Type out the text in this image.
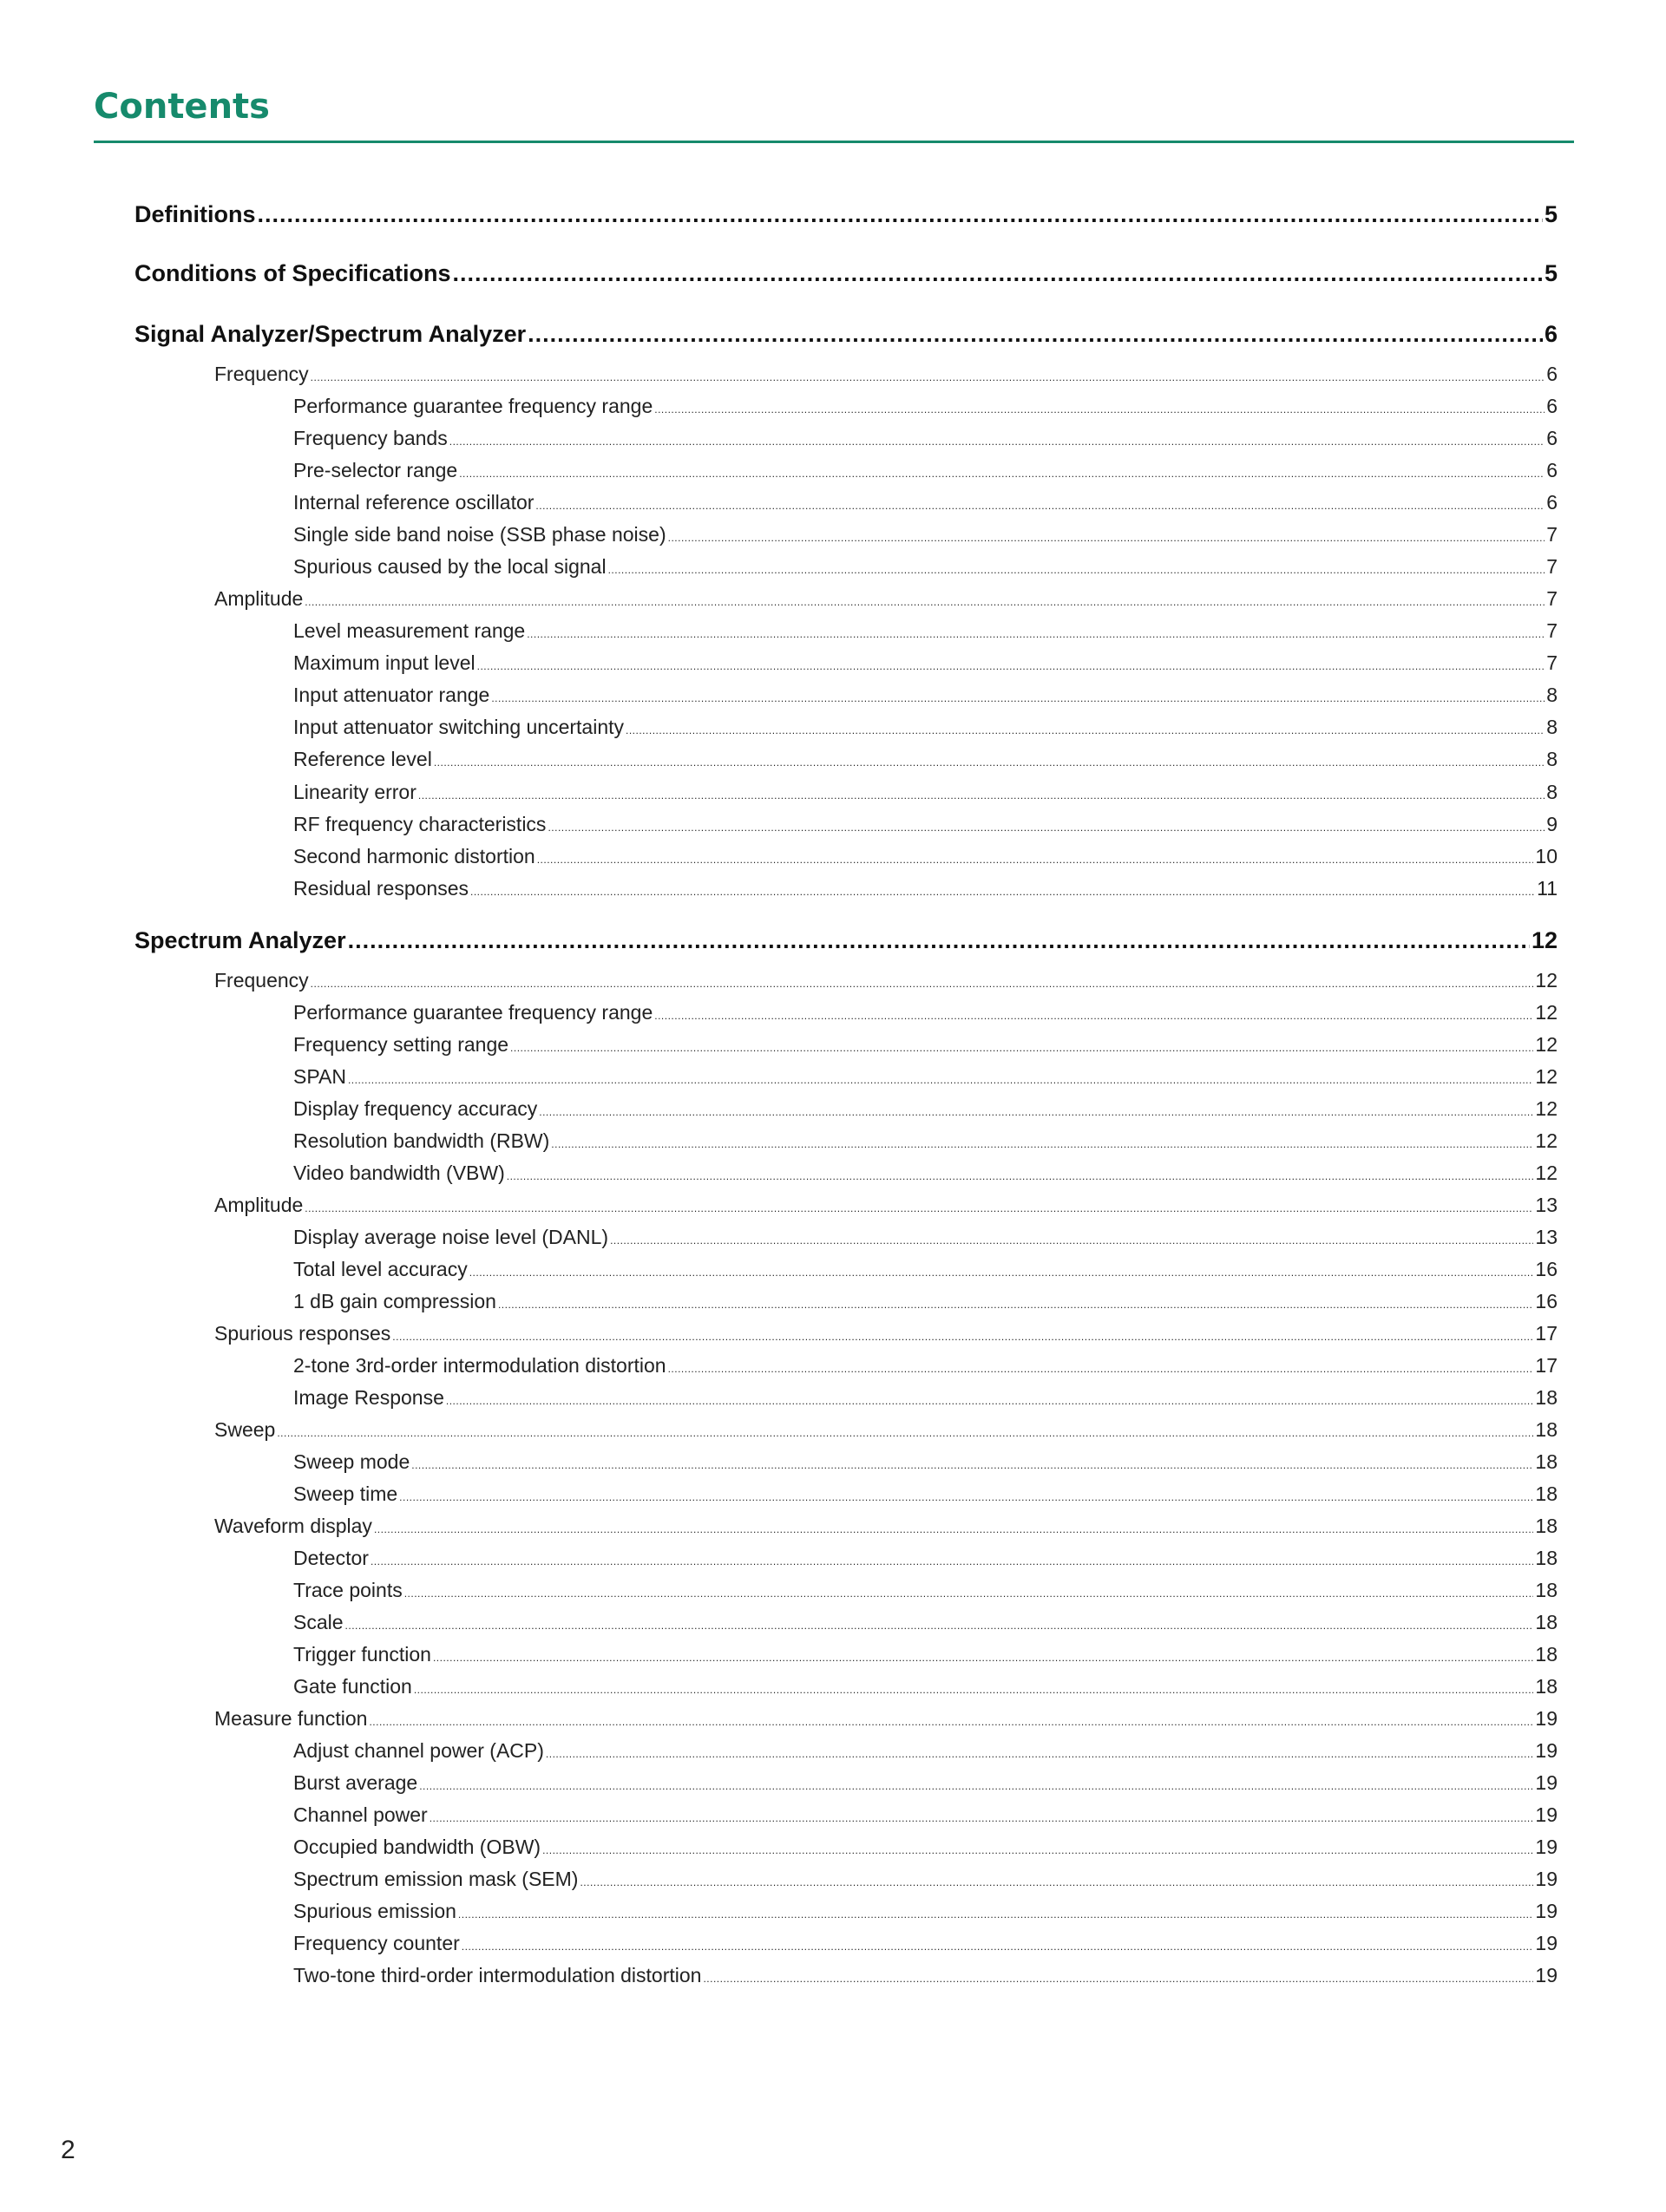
Contents
Definitions .....	5
Conditions of Specifications .....	5
Signal Analyzer/Spectrum Analyzer .....	6
Frequency .....	6
Performance guarantee frequency range .....	6
Frequency bands .....	6
Pre-selector range .....	6
Internal reference oscillator .....	6
Single side band noise (SSB phase noise) .....	7
Spurious caused by the local signal .....	7
Amplitude .....	7
Level measurement range .....	7
Maximum input level .....	7
Input attenuator range .....	8
Input attenuator switching uncertainty .....	8
Reference level .....	8
Linearity error .....	8
RF frequency characteristics .....	9
Second harmonic distortion .....	10
Residual responses .....	11
Spectrum Analyzer .....	12
Frequency .....	12
Performance guarantee frequency range .....	12
Frequency setting range .....	12
SPAN .....	12
Display frequency accuracy .....	12
Resolution bandwidth (RBW) .....	12
Video bandwidth (VBW) .....	12
Amplitude .....	13
Display average noise level (DANL) .....	13
Total level accuracy .....	16
1 dB gain compression .....	16
Spurious responses .....	17
2-tone 3rd-order intermodulation distortion .....	17
Image Response .....	18
Sweep .....	18
Sweep mode .....	18
Sweep time .....	18
Waveform display .....	18
Detector .....	18
Trace points .....	18
Scale .....	18
Trigger function .....	18
Gate function .....	18
Measure function .....	19
Adjust channel power (ACP) .....	19
Burst average .....	19
Channel power .....	19
Occupied bandwidth (OBW) .....	19
Spectrum emission mask (SEM) .....	19
Spurious emission .....	19
Frequency counter .....	19
Two-tone third-order intermodulation distortion .....	19
2
